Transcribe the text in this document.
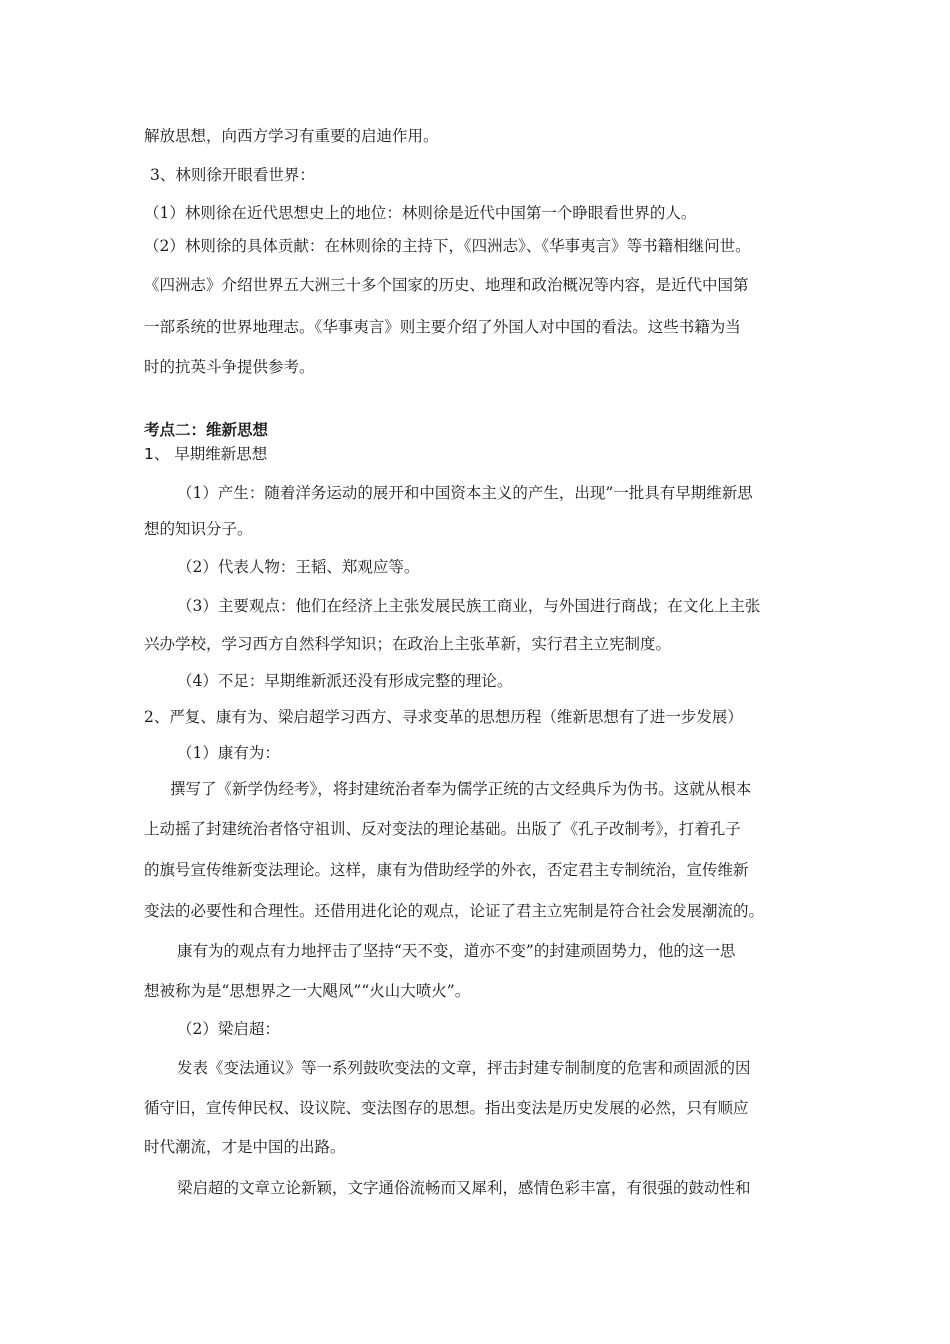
解放思想，向西方学习有重要的启迪作用。
3、林则徐开眼看世界：
（1）林则徐在近代思想史上的地位：林则徐是近代中国第一个睁眼看世界的人。
（2）林则徐的具体贡献：在林则徐的主持下，《四洲志》、《华事夷言》等书籍相继问世。
《四洲志》介绍世界五大洲三十多个国家的历史、地理和政治概况等内容，是近代中国第
一部系统的世界地理志。《华事夷言》则主要介绍了外国人对中国的看法。这些书籍为当
时的抗英斗争提供参考。
考点二：维新思想
1、 早期维新思想
（1）产生：随着洋务运动的展开和中国资本主义的产生，出现”一批具有早期维新思
想的知识分子。
（2）代表人物：王韬、郑观应等。
（3）主要观点：他们在经济上主张发展民族工商业，与外国进行商战；在文化上主张
兴办学校，学习西方自然科学知识；在政治上主张革新，实行君主立宪制度。
（4）不足：早期维新派还没有形成完整的理论。
2、严复、康有为、梁启超学习西方、寻求变革的思想历程（维新思想有了进一步发展）
（1）康有为：
撰写了《新学伪经考》，将封建统治者奉为儒学正统的古文经典斥为伪书。这就从根本
上动摇了封建统治者恪守祖训、反对变法的理论基础。出版了《孔子改制考》，打着孔子
的旗号宣传维新变法理论。这样，康有为借助经学的外衣，否定君主专制统治，宣传维新
变法的必要性和合理性。还借用进化论的观点，论证了君主立宪制是符合社会发展潮流的。
康有为的观点有力地抨击了坚持“天不变，道亦不变”的封建顽固势力，他的这一思
想被称为是“思想界之一大飓风”“火山大喷火”。
（2）梁启超：
发表《变法通议》等一系列鼓吹变法的文章，抨击封建专制制度的危害和顽固派的因
循守旧，宣传伸民权、设议院、变法图存的思想。指出变法是历史发展的必然，只有顺应
时代潮流，才是中国的出路。
梁启超的文章立论新颖，文字通俗流畅而又犀利，感情色彩丰富，有很强的鼓动性和
